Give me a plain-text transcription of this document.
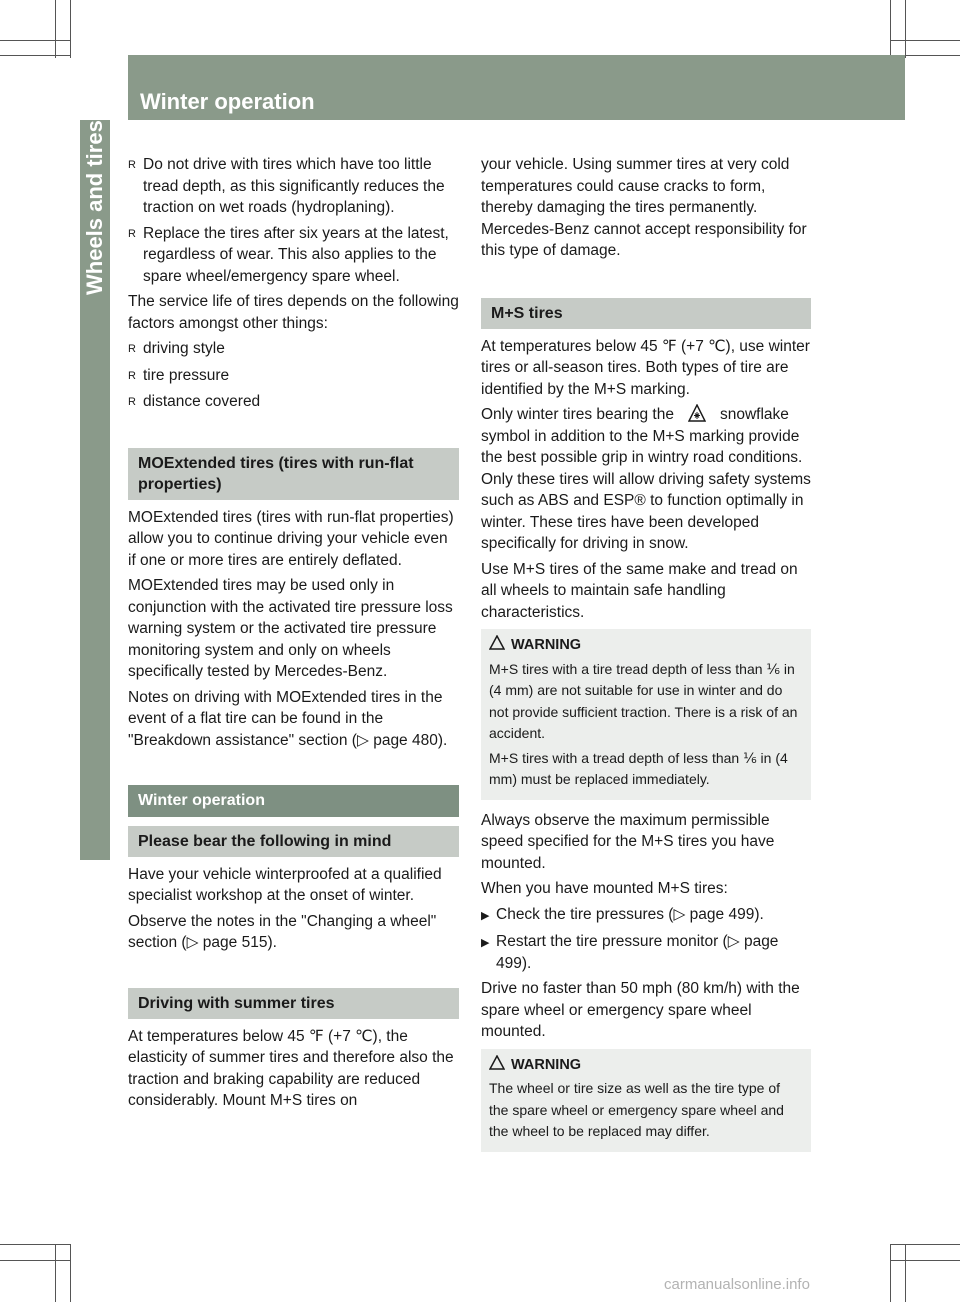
494	Winter operation
Wheels and tires R Do not drive with tires which have too little tread depth, as this significantly reduces the traction on wet roads (hydroplaning).
R Replace the tires after six years at the latest, regardless of wear. This also applies to the spare wheel/emergency spare wheel.

The service life of tires depends on the following factors amongst other things:

R driving style
R tire pressure
R distance covered
MOExtended tires (tires with run-flat properties)

MOExtended tires (tires with run-flat properties) allow you to continue driving your vehicle even if one or more tires are entirely deflated.

MOExtended tires may be used only in conjunction with the activated tire pressure loss warning system or the activated tire pressure monitoring system and only on wheels specifically tested by Mercedes-Benz.

Notes on driving with MOExtended tires in the event of a flat tire can be found in the "Breakdown assistance" section (▷ page 480).

Winter operation
Please bear the following in mind

Have your vehicle winterproofed at a qualified specialist workshop at the onset of winter.

Observe the notes in the "Changing a wheel" section (▷ page 515).

Driving with summer tires

At temperatures below 45 ℉ (+7 ℃), the elasticity of summer tires and therefore also the traction and braking capability are reduced considerably. Mount M+S tires on

your vehicle. Using summer tires at very cold temperatures could cause cracks to form, thereby damaging the tires permanently. Mercedes-Benz cannot accept responsibility for this type of damage.

M+S tires

At temperatures below 45 ℉ (+7 ℃), use winter tires or all-season tires. Both types of tire are identified by the M+S marking.

Only winter tires bearing the	snowflake symbol in addition to the M+S marking provide the best possible grip in wintry road conditions. Only these tires will allow driving safety systems such as ABS and ESP® to function optimally in winter. These tires have been developed specifically for driving in snow.

Use M+S tires of the same make and tread on all wheels to maintain safe handling characteristics.

WARNING

M+S tires with a tire tread depth of less than ⅙ in (4 mm) are not suitable for use in winter and do not provide sufficient traction. There is a risk of an accident.

M+S tires with a tread depth of less than ⅙ in (4 mm) must be replaced immediately.

Always observe the maximum permissible speed specified for the M+S tires you have mounted.

When you have mounted M+S tires:

▶ Check the tire pressures (▷ page 499).
▶ Restart the tire pressure monitor (▷ page 499).

Drive no faster than 50 mph (80 km/h) with the spare wheel or emergency spare wheel mounted.

WARNING

The wheel or tire size as well as the tire type of the spare wheel or emergency spare wheel and the wheel to be replaced may differ.

carmanualsonline.info
